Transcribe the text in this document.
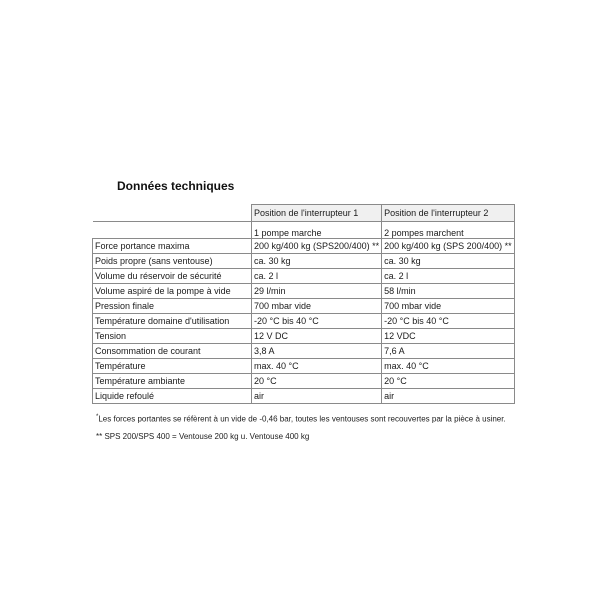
Données techniques
	Position de l'interrupteur 1	Position de l'interrupteur 2
	1 pompe marche	2 pompes marchent
Force portance maxima	200 kg/400 kg (SPS200/400) **	200 kg/400 kg (SPS 200/400) **
Poids propre (sans ventouse)	ca. 30 kg	ca. 30 kg
Volume du réservoir de sécurité	ca. 2 l	ca. 2 l
Volume aspiré de la pompe à vide	29 l/min	58 l/min
Pression finale	700 mbar vide	700 mbar vide
Température domaine d'utilisation	-20 °C bis 40 °C	-20 °C bis 40 °C
Tension	12 V DC	12 VDC
Consommation de courant	3,8 A	7,6 A
Température	max. 40 °C	max. 40 °C
Température ambiante	20 °C	20 °C
Liquide refoulé	air	air
*Les forces portantes se réfèrent à un vide de -0,46 bar, toutes les ventouses sont recouvertes par la pièce à usiner.
** SPS 200/SPS 400 = Ventouse 200 kg u. Ventouse 400 kg
